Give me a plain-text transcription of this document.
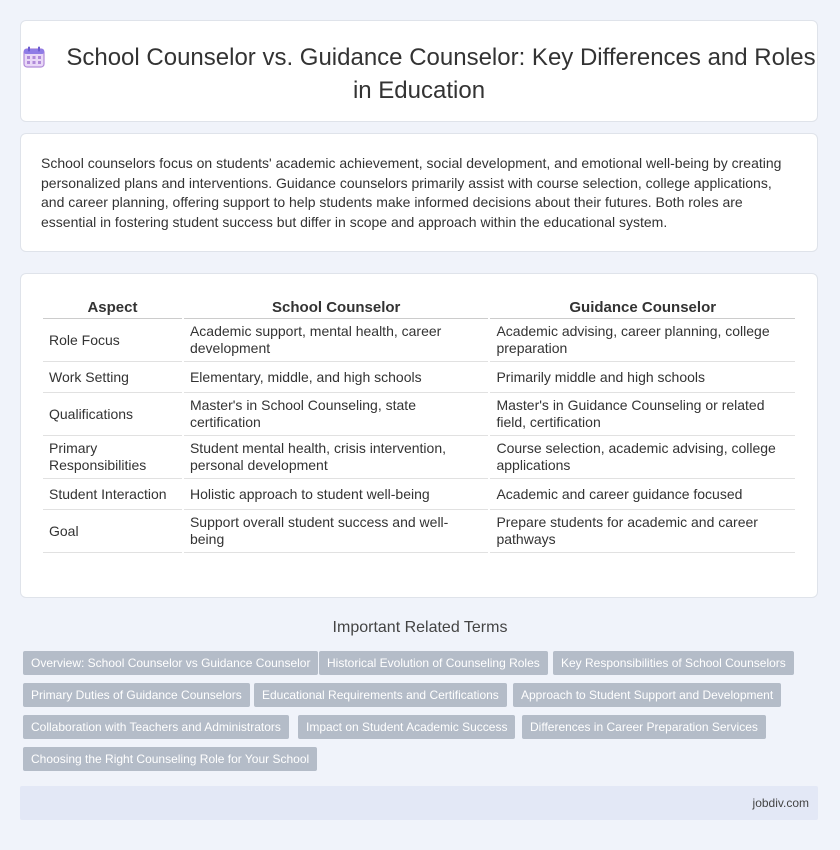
School Counselor vs. Guidance Counselor: Key Differences and Roles in Education

School counselors focus on students' academic achievement, social development, and emotional well-being by creating personalized plans and interventions. Guidance counselors primarily assist with course selection, college applications, and career planning, offering support to help students make informed decisions about their futures. Both roles are essential in fostering student success but differ in scope and approach within the educational system.

Aspect	School Counselor	Guidance Counselor
Role Focus	Academic support, mental health, career development	Academic advising, career planning, college preparation
Work Setting	Elementary, middle, and high schools	Primarily middle and high schools
Qualifications	Master's in School Counseling, state certification	Master's in Guidance Counseling or related field, certification
Primary Responsibilities	Student mental health, crisis intervention, personal development	Course selection, academic advising, college applications
Student Interaction	Holistic approach to student well-being	Academic and career guidance focused
Goal	Support overall student success and well-being	Prepare students for academic and career pathways
Important Related Terms
Overview: School Counselor vs Guidance Counselor	Historical Evolution of Counseling Roles	Key Responsibilities of School Counselors
Primary Duties of Guidance Counselors	Educational Requirements and Certifications	Approach to Student Support and Development
Collaboration with Teachers and Administrators	Impact on Student Academic Success	Differences in Career Preparation Services
Choosing the Right Counseling Role for Your School
jobdiv.com
